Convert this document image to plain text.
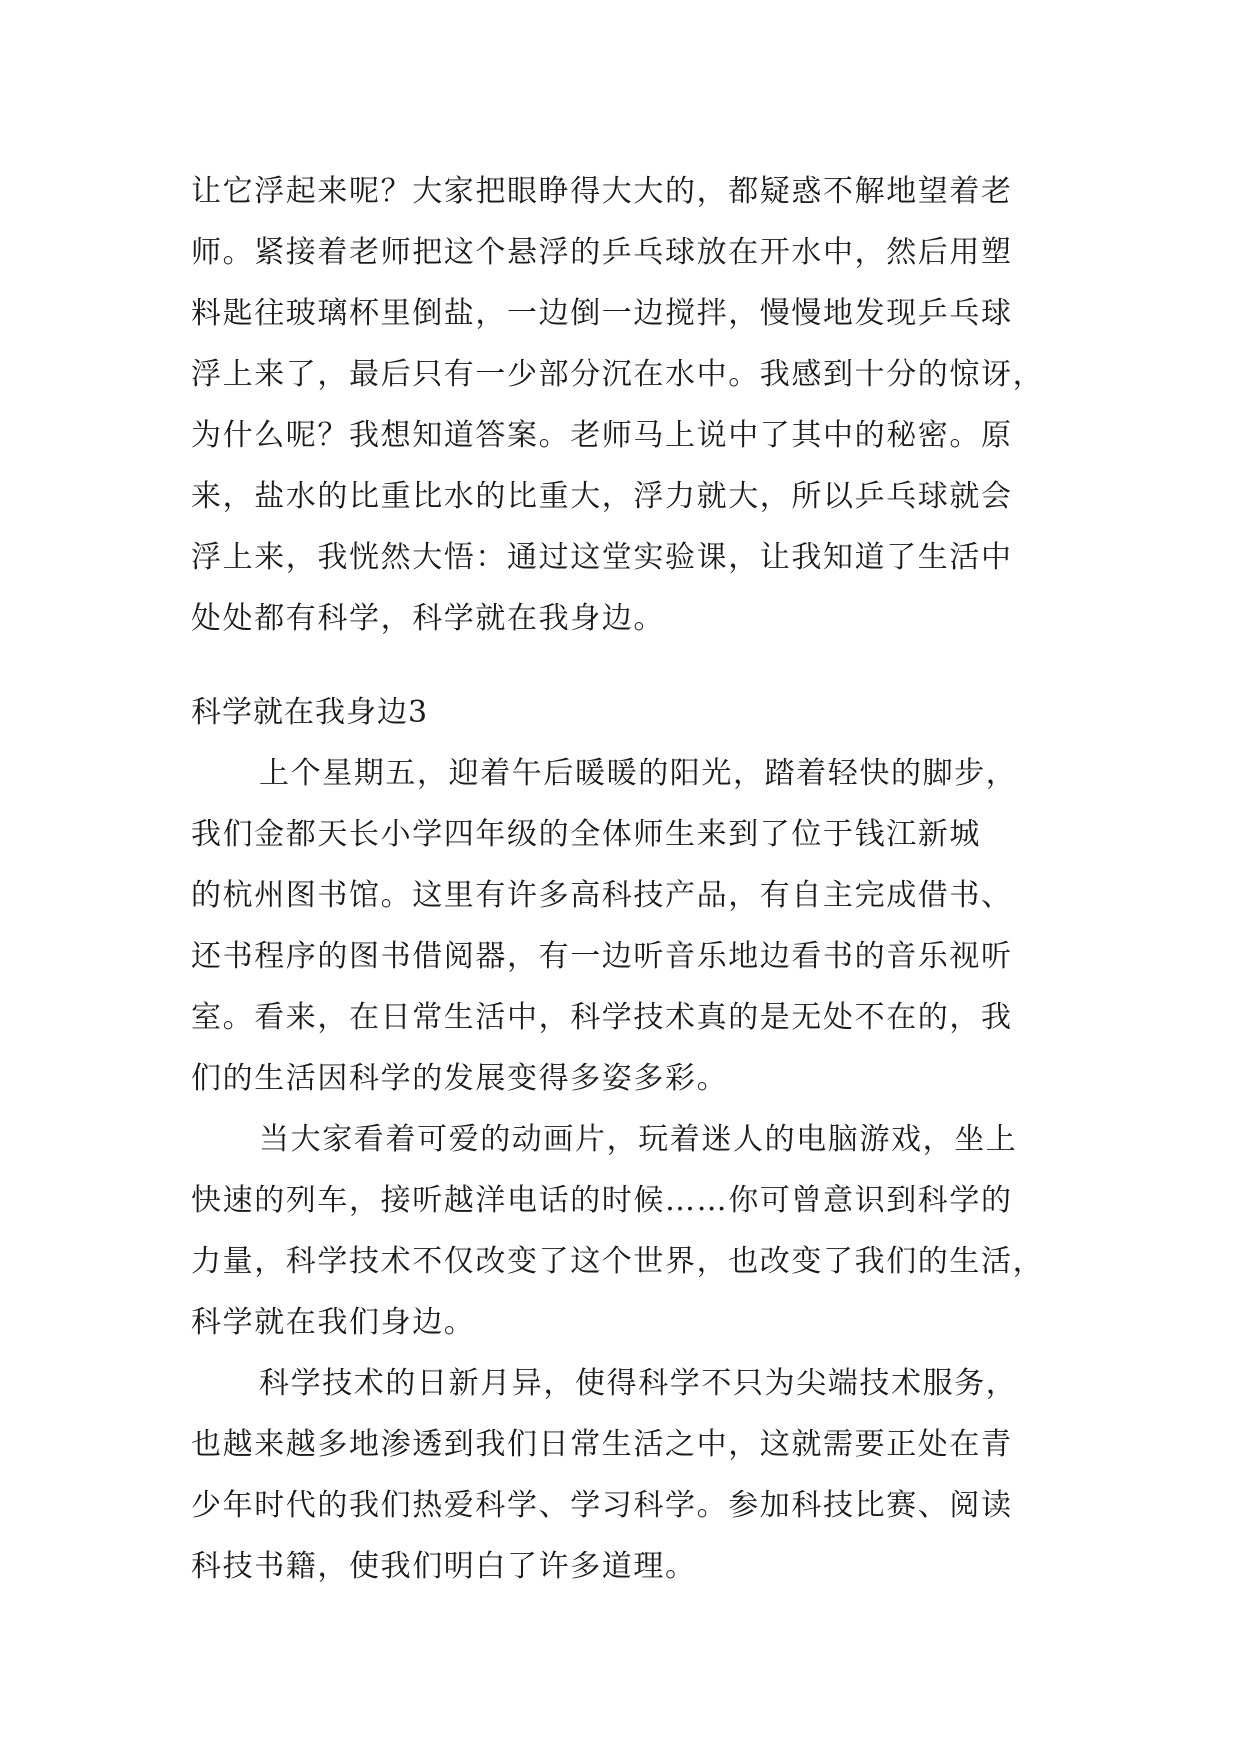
让它浮起来呢？大家把眼睁得大大的，都疑惑不解地望着老
师。紧接着老师把这个悬浮的乒乓球放在开水中，然后用塑
料匙往玻璃杯里倒盐，一边倒一边搅拌，慢慢地发现乒乓球
浮上来了，最后只有一少部分沉在水中。我感到十分的惊讶，
为什么呢？我想知道答案。老师马上说中了其中的秘密。原
来，盐水的比重比水的比重大，浮力就大，所以乒乓球就会
浮上来，我恍然大悟：通过这堂实验课，让我知道了生活中
处处都有科学，科学就在我身边。
科学就在我身边3
上个星期五，迎着午后暖暖的阳光，踏着轻快的脚步，
我们金都天长小学四年级的全体师生来到了位于钱江新城
的杭州图书馆。这里有许多高科技产品，有自主完成借书、
还书程序的图书借阅器，有一边听音乐地边看书的音乐视听
室。看来，在日常生活中，科学技术真的是无处不在的，我
们的生活因科学的发展变得多姿多彩。
当大家看着可爱的动画片，玩着迷人的电脑游戏，坐上
快速的列车，接听越洋电话的时候……你可曾意识到科学的
力量，科学技术不仅改变了这个世界，也改变了我们的生活，
科学就在我们身边。
科学技术的日新月异，使得科学不只为尖端技术服务，
也越来越多地渗透到我们日常生活之中，这就需要正处在青
少年时代的我们热爱科学、学习科学。参加科技比赛、阅读
科技书籍，使我们明白了许多道理。
